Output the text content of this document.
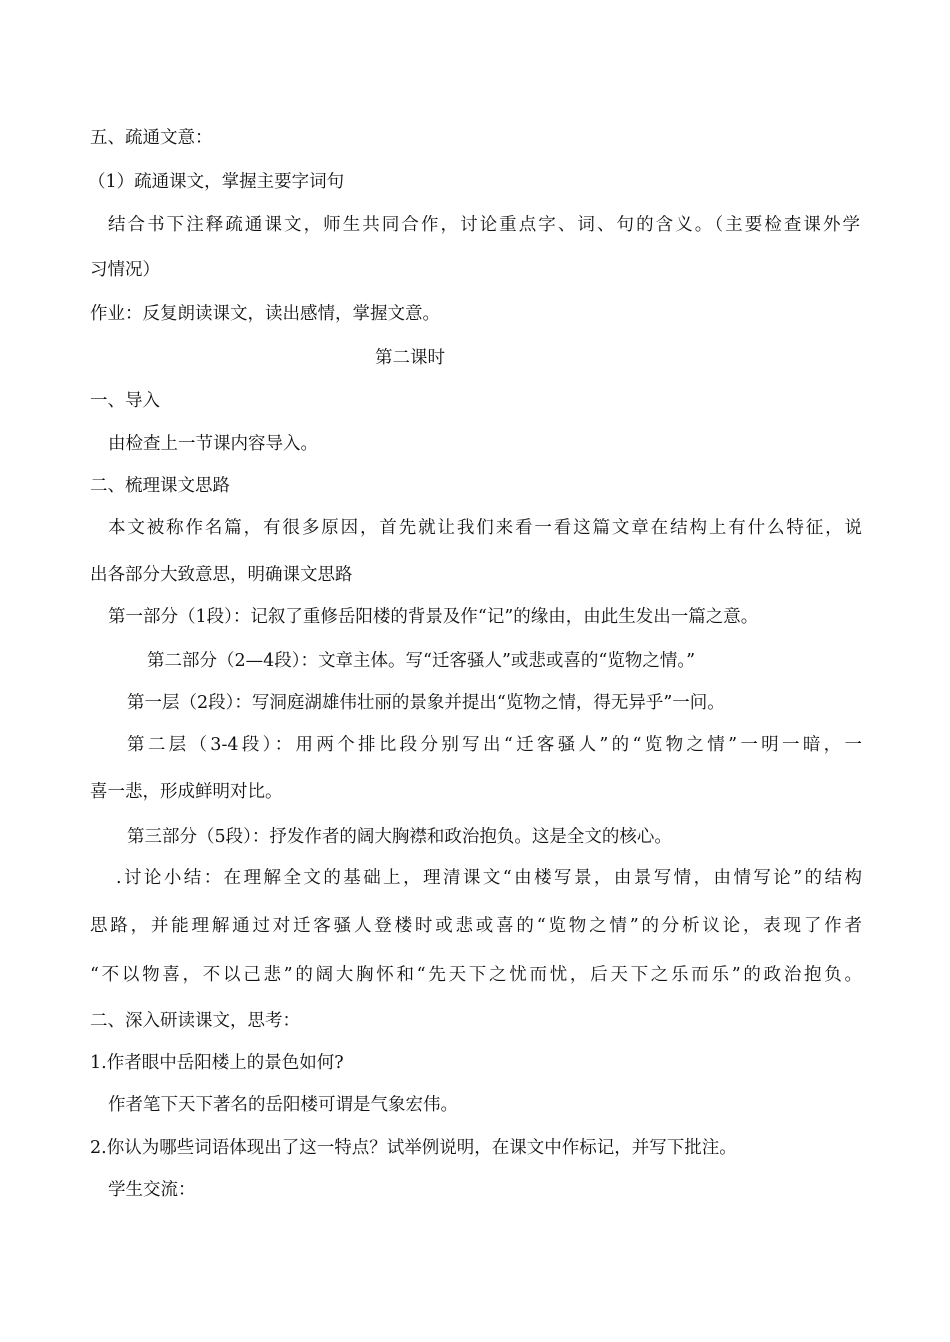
五、疏通文意：

（1）疏通课文，掌握主要字词句

结合书下注释疏通课文，师生共同合作，讨论重点字、词、句的含义。（主要检查课外学

习情况）

作业：反复朗读课文，读出感情，掌握文意。

第二课时

一、导入

由检查上一节课内容导入。

二、梳理课文思路

本文被称作名篇，有很多原因，首先就让我们来看一看这篇文章在结构上有什么特征，说

出各部分大致意思，明确课文思路

第一部分（1段）：记叙了重修岳阳楼的背景及作“记”的缘由，由此生发出一篇之意。

第二部分（2—4段）：文章主体。写“迁客骚人”或悲或喜的“览物之情。”

第一层（2段）：写洞庭湖雄伟壮丽的景象并提出“览物之情，得无异乎”一问。

第二层（3-4段）：用两个排比段分别写出“迁客骚人”的“览物之情”一明一暗，一

喜一悲，形成鲜明对比。

第三部分（5段）：抒发作者的阔大胸襟和政治抱负。这是全文的核心。

.讨论小结：在理解全文的基础上，理清课文“由楼写景，由景写情，由情写论”的结构

思路，并能理解通过对迁客骚人登楼时或悲或喜的“览物之情”的分析议论，表现了作者

“不以物喜，不以己悲”的阔大胸怀和“先天下之忧而忧，后天下之乐而乐”的政治抱负。

二、深入研读课文，思考：

1.作者眼中岳阳楼上的景色如何?

作者笔下天下著名的岳阳楼可谓是气象宏伟。

2.你认为哪些词语体现出了这一特点？试举例说明，在课文中作标记，并写下批注。

学生交流：
